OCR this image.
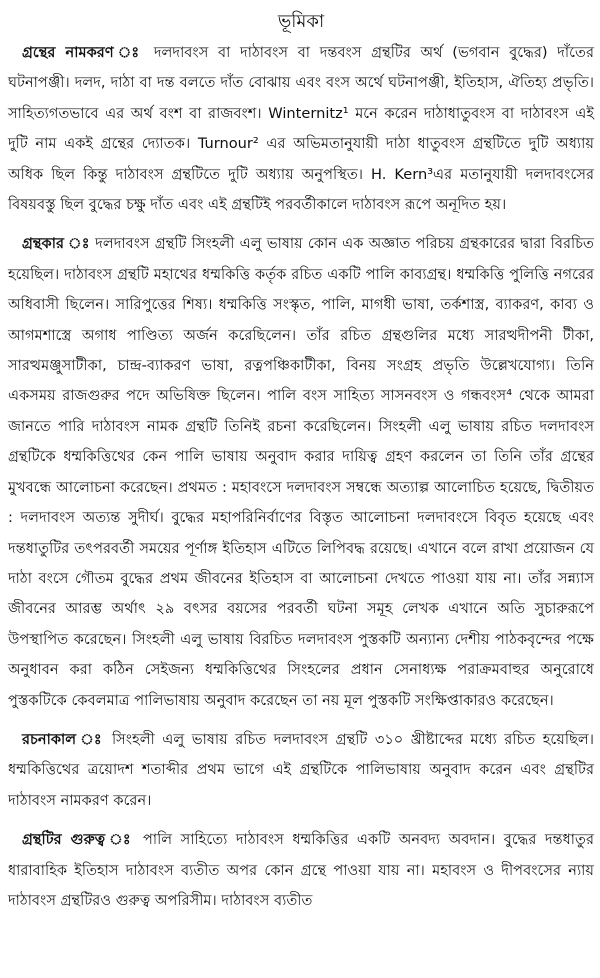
ভূমিকা

গ্রন্থের নামকরণ ঃ দলদাবংস বা দাঠাবংস বা দন্তবংস গ্রন্থটির অর্থ (ভগবান বুদ্ধের) দাঁতের ঘটনাপঞ্জী। দলদ, দাঠা বা দন্ত বলতে দাঁত বোঝায় এবং বংস অর্থে ঘটনাপঞ্জী, ইতিহাস, ঐতিহ্য প্রভৃতি। সাহিত্যগতভাবে এর অর্থ বংশ বা রাজবংশ। Winternitz¹ মনে করেন দাঠাধাতুবংস বা দাঠাবংস এই দুটি নাম একই গ্রন্থের দ্যোতক। Turnour² এর অভিমতানুযায়ী দাঠা ধাতুবংস গ্রন্থটিতে দুটি অধ্যায় অধিক ছিল কিন্তু দাঠাবংস গ্রন্থটিতে দুটি অধ্যায় অনুপস্থিত। H. Kern³এর মতানুযায়ী দলদাবংসের বিষয়বস্তু ছিল বুদ্ধের চক্ষু দাঁত এবং এই গ্রন্থটিই পরবর্তীকালে দাঠাবংস রূপে অনূদিত হয়।

গ্রন্থকার ঃ দলদাবংস গ্রন্থটি সিংহলী এলু ভাষায় কোন এক অজ্ঞাত পরিচয় গ্রন্থকারের দ্বারা বিরচিত হয়েছিল। দাঠাবংস গ্রন্থটি মহাথের ধম্মকিত্তি কর্তৃক রচিত একটি পালি কাব্যগ্রন্থ। ধম্মকিত্তি পুলিত্তি নগরের অধিবাসী ছিলেন। সারিপুত্তের শিষ্য। ধম্মকিত্তি সংস্কৃত, পালি, মাগধী ভাষা, তর্কশাস্ত্র, ব্যাকরণ, কাব্য ও আগমশাস্ত্রে অগাধ পাণ্ডিত্য অর্জন করেছিলেন। তাঁর রচিত গ্রন্থগুলির মধ্যে সারত্থদীপনী টীকা, সারত্থমঞ্জুসাটীকা, চান্দ্র-ব্যাকরণ ভাষা, রত্নপঞ্চিকাটীকা, বিনয় সংগ্রহ প্রভৃতি উল্লেখযোগ্য। তিনি একসময় রাজগুরুর পদে অভিষিক্ত ছিলেন। পালি বংস সাহিত্য সাসনবংস ও গন্ধবংস⁴ থেকে আমরা জানতে পারি দাঠাবংস নামক গ্রন্থটি তিনিই রচনা করেছিলেন। সিংহলী এলু ভাষায় রচিত দলদাবংস গ্রন্থটিকে ধম্মকিত্তিথের কেন পালি ভাষায় অনুবাদ করার দায়িত্ব গ্রহণ করলেন তা তিনি তাঁর গ্রন্থের মুখবন্ধে আলোচনা করেছেন। প্রথমত : মহাবংসে দলদাবংস সম্বন্ধে অত্যাল্প আলোচিত হয়েছে, দ্বিতীয়ত : দলদাবংস অত্যন্ত সুদীর্ঘ। বুদ্ধের মহাপরিনির্বাণের বিস্তৃত আলোচনা দলদাবংসে বিবৃত হয়েছে এবং দন্তধাতুটির তৎপরবর্তী সময়ের পূর্ণাঙ্গ ইতিহাস এটিতে লিপিবদ্ধ রয়েছে। এখানে বলে রাখা প্রয়োজন যে দাঠা বংসে গৌতম বুদ্ধের প্রথম জীবনের ইতিহাস বা আলোচনা দেখতে পাওয়া যায় না। তাঁর সন্ন্যাস জীবনের আরম্ভ অর্থাৎ ২৯ বৎসর বয়সের পরবর্তী ঘটনা সমূহ লেখক এখানে অতি সুচারুরূপে উপস্থাপিত করেছেন। সিংহলী এলু ভাষায় বিরচিত দলদাবংস পুস্তকটি অন্যান্য দেশীয় পাঠকবৃন্দের পক্ষে অনুধাবন করা কঠিন সেইজন্য ধম্মকিত্তিথের সিংহলের প্রধান সেনাধ্যক্ষ পরাক্রমবাহুর অনুরোধে পুস্তকটিকে কেবলমাত্র পালিভাষায় অনুবাদ করেছেন তা নয় মূল পুস্তকটি সংক্ষিপ্তাকারও করেছেন।

রচনাকাল ঃ সিংহলী এলু ভাষায় রচিত দলদাবংস গ্রন্থটি ৩১০ খ্রীষ্টাব্দের মধ্যে রচিত হয়েছিল। ধম্মকিত্তিথের ত্রয়োদশ শতাব্দীর প্রথম ভাগে এই গ্রন্থটিকে পালিভাষায় অনুবাদ করেন এবং গ্রন্থটির দাঠাবংস নামকরণ করেন।

গ্রন্থটির গুরুত্ব ঃ পালি সাহিত্যে দাঠাবংস ধম্মকিত্তির একটি অনবদ্য অবদান। বুদ্ধের দন্তধাতুর ধারাবাহিক ইতিহাস দাঠাবংস ব্যতীত অপর কোন গ্রন্থে পাওয়া যায় না। মহাবংস ও দীপবংসের ন্যায় দাঠাবংস গ্রন্থটিরও গুরুত্ব অপরিসীম। দাঠাবংস ব্যতীত
